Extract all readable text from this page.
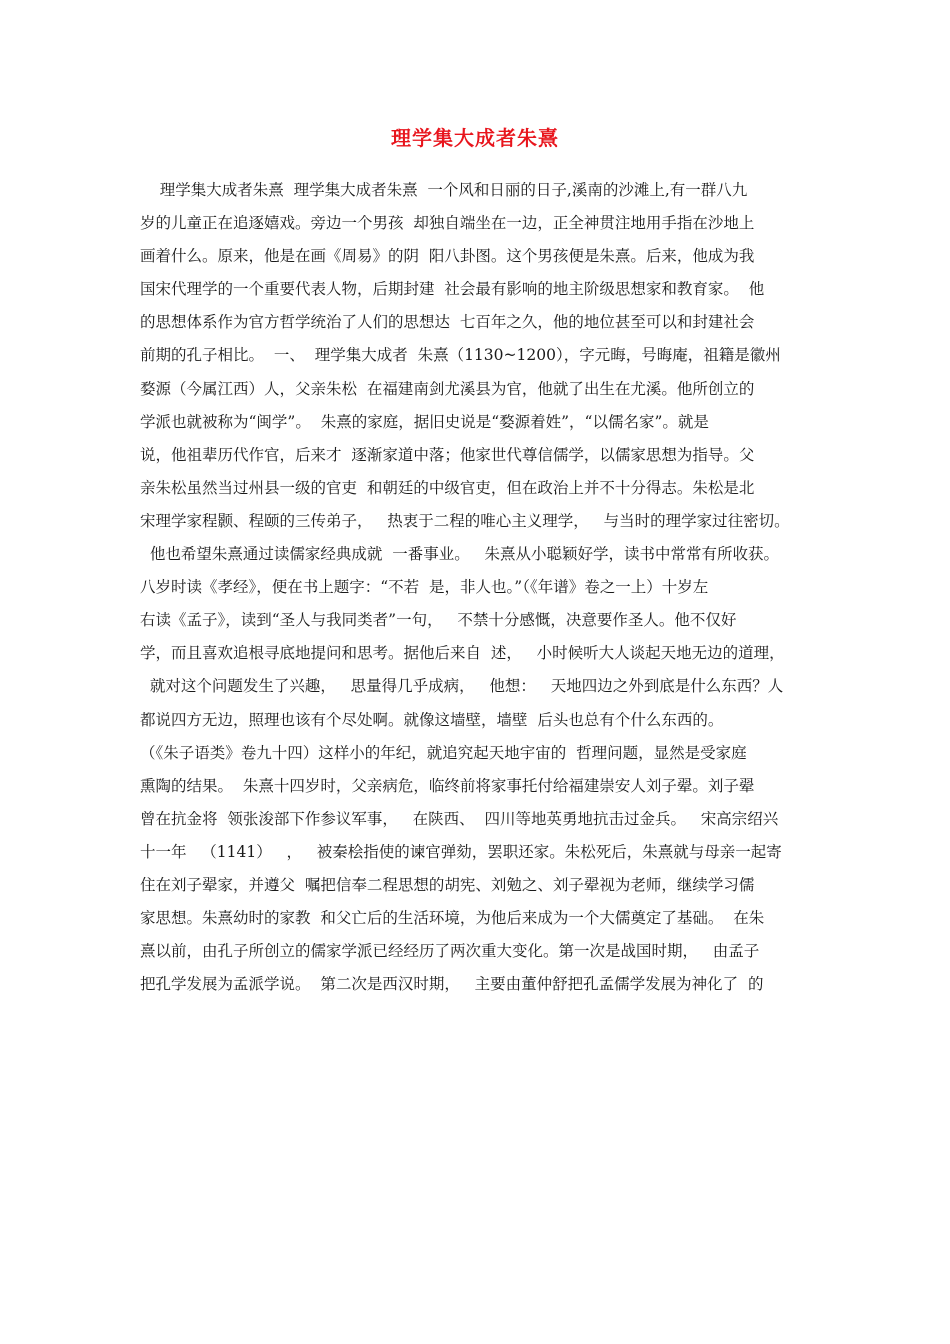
理学集大成者朱熹
理学集大成者朱熹  理学集大成者朱熹  一个风和日丽的日子,溪南的沙滩上,有一群八九
岁的儿童正在追逐嬉戏。旁边一个男孩  却独自端坐在一边，正全神贯注地用手指在沙地上
画着什么。原来，他是在画《周易》的阴  阳八卦图。这个男孩便是朱熹。后来，他成为我
国宋代理学的一个重要代表人物，后期封建  社会最有影响的地主阶级思想家和教育家。  他
的思想体系作为官方哲学统治了人们的思想达  七百年之久，他的地位甚至可以和封建社会
前期的孔子相比。  一、  理学集大成者  朱熹（1130~1200），字元晦，号晦庵，祖籍是徽州
婺源（今属江西）人，父亲朱松  在福建南剑尤溪县为官，他就了出生在尤溪。他所创立的
学派也就被称为“闽学”。  朱熹的家庭，据旧史说是“婺源着姓”，“以儒名家”。就是
说，他祖辈历代作官，后来才  逐渐家道中落；他家世代尊信儒学，以儒家思想为指导。父
亲朱松虽然当过州县一级的官吏  和朝廷的中级官吏，但在政治上并不十分得志。朱松是北
宋理学家程颢、程颐的三传弟子，   热衷于二程的唯心主义理学，   与当时的理学家过往密切。
他也希望朱熹通过读儒家经典成就  一番事业。   朱熹从小聪颖好学，读书中常常有所收获。
八岁时读《孝经》，便在书上题字：“不若  是，非人也。”（《年谱》卷之一上）十岁左
右读《孟子》，读到“圣人与我同类者”一句，   不禁十分感慨，决意要作圣人。他不仅好
学，而且喜欢追根寻底地提问和思考。据他后来自  述，   小时候听大人谈起天地无边的道理，
就对这个问题发生了兴趣，   思量得几乎成病，   他想：   天地四边之外到底是什么东西？人
都说四方无边，照理也该有个尽处啊。就像这墙壁，墙壁  后头也总有个什么东西的。
（《朱子语类》卷九十四）这样小的年纪，就追究起天地宇宙的  哲理问题，显然是受家庭
熏陶的结果。  朱熹十四岁时，父亲病危，临终前将家事托付给福建崇安人刘子翚。刘子翚
曾在抗金将  领张浚部下作参议军事，   在陕西、  四川等地英勇地抗击过金兵。   宋高宗绍兴
十一年   （1141）   ，   被秦桧指使的谏官弹劾，罢职还家。朱松死后，朱熹就与母亲一起寄
住在刘子翚家，并遵父  嘱把信奉二程思想的胡宪、刘勉之、刘子翚视为老师，继续学习儒
家思想。朱熹幼时的家教  和父亡后的生活环境，为他后来成为一个大儒奠定了基础。  在朱
熹以前，由孔子所创立的儒家学派已经经历了两次重大变化。第一次是战国时期，   由孟子
把孔学发展为孟派学说。  第二次是西汉时期，   主要由董仲舒把孔孟儒学发展为神化了  的
